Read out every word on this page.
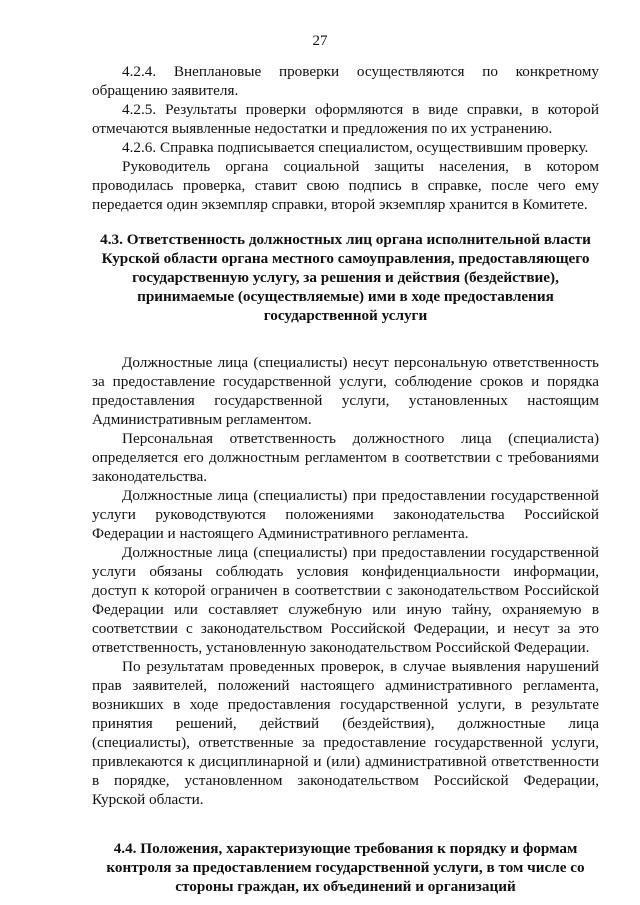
27

4.2.4. Внеплановые проверки осуществляются по конкретному обращению заявителя.

4.2.5. Результаты проверки оформляются в виде справки, в которой отмечаются выявленные недостатки и предложения по их устранению.

4.2.6. Справка подписывается специалистом, осуществившим проверку.

Руководитель органа социальной защиты населения, в котором проводилась проверка, ставит свою подпись в справке, после чего ему передается один экземпляр справки, второй экземпляр хранится в Комитете.

4.3. Ответственность должностных лиц органа исполнительной власти Курской области органа местного самоуправления, предоставляющего государственную услугу, за решения и действия (бездействие), принимаемые (осуществляемые) ими в ходе предоставления государственной услуги

Должностные лица (специалисты) несут персональную ответственность за предоставление государственной услуги, соблюдение сроков и порядка предоставления государственной услуги, установленных настоящим Административным регламентом.

Персональная ответственность должностного лица (специалиста) определяется его должностным регламентом в соответствии с требованиями законодательства.

Должностные лица (специалисты) при предоставлении государственной услуги руководствуются положениями законодательства Российской Федерации и настоящего Административного регламента.

Должностные лица (специалисты) при предоставлении государственной услуги обязаны соблюдать условия конфиденциальности информации, доступ к которой ограничен в соответствии с законодательством Российской Федерации или составляет служебную или иную тайну, охраняемую в соответствии с законодательством Российской Федерации, и несут за это ответственность, установленную законодательством Российской Федерации.

По результатам проведенных проверок, в случае выявления нарушений прав заявителей, положений настоящего административного регламента, возникших в ходе предоставления государственной услуги, в результате принятия решений, действий (бездействия), должностные лица (специалисты), ответственные за предоставление государственной услуги, привлекаются к дисциплинарной и (или) административной ответственности в порядке, установленном законодательством Российской Федерации, Курской области.

4.4. Положения, характеризующие требования к порядку и формам контроля за предоставлением государственной услуги, в том числе со стороны граждан, их объединений и организаций
